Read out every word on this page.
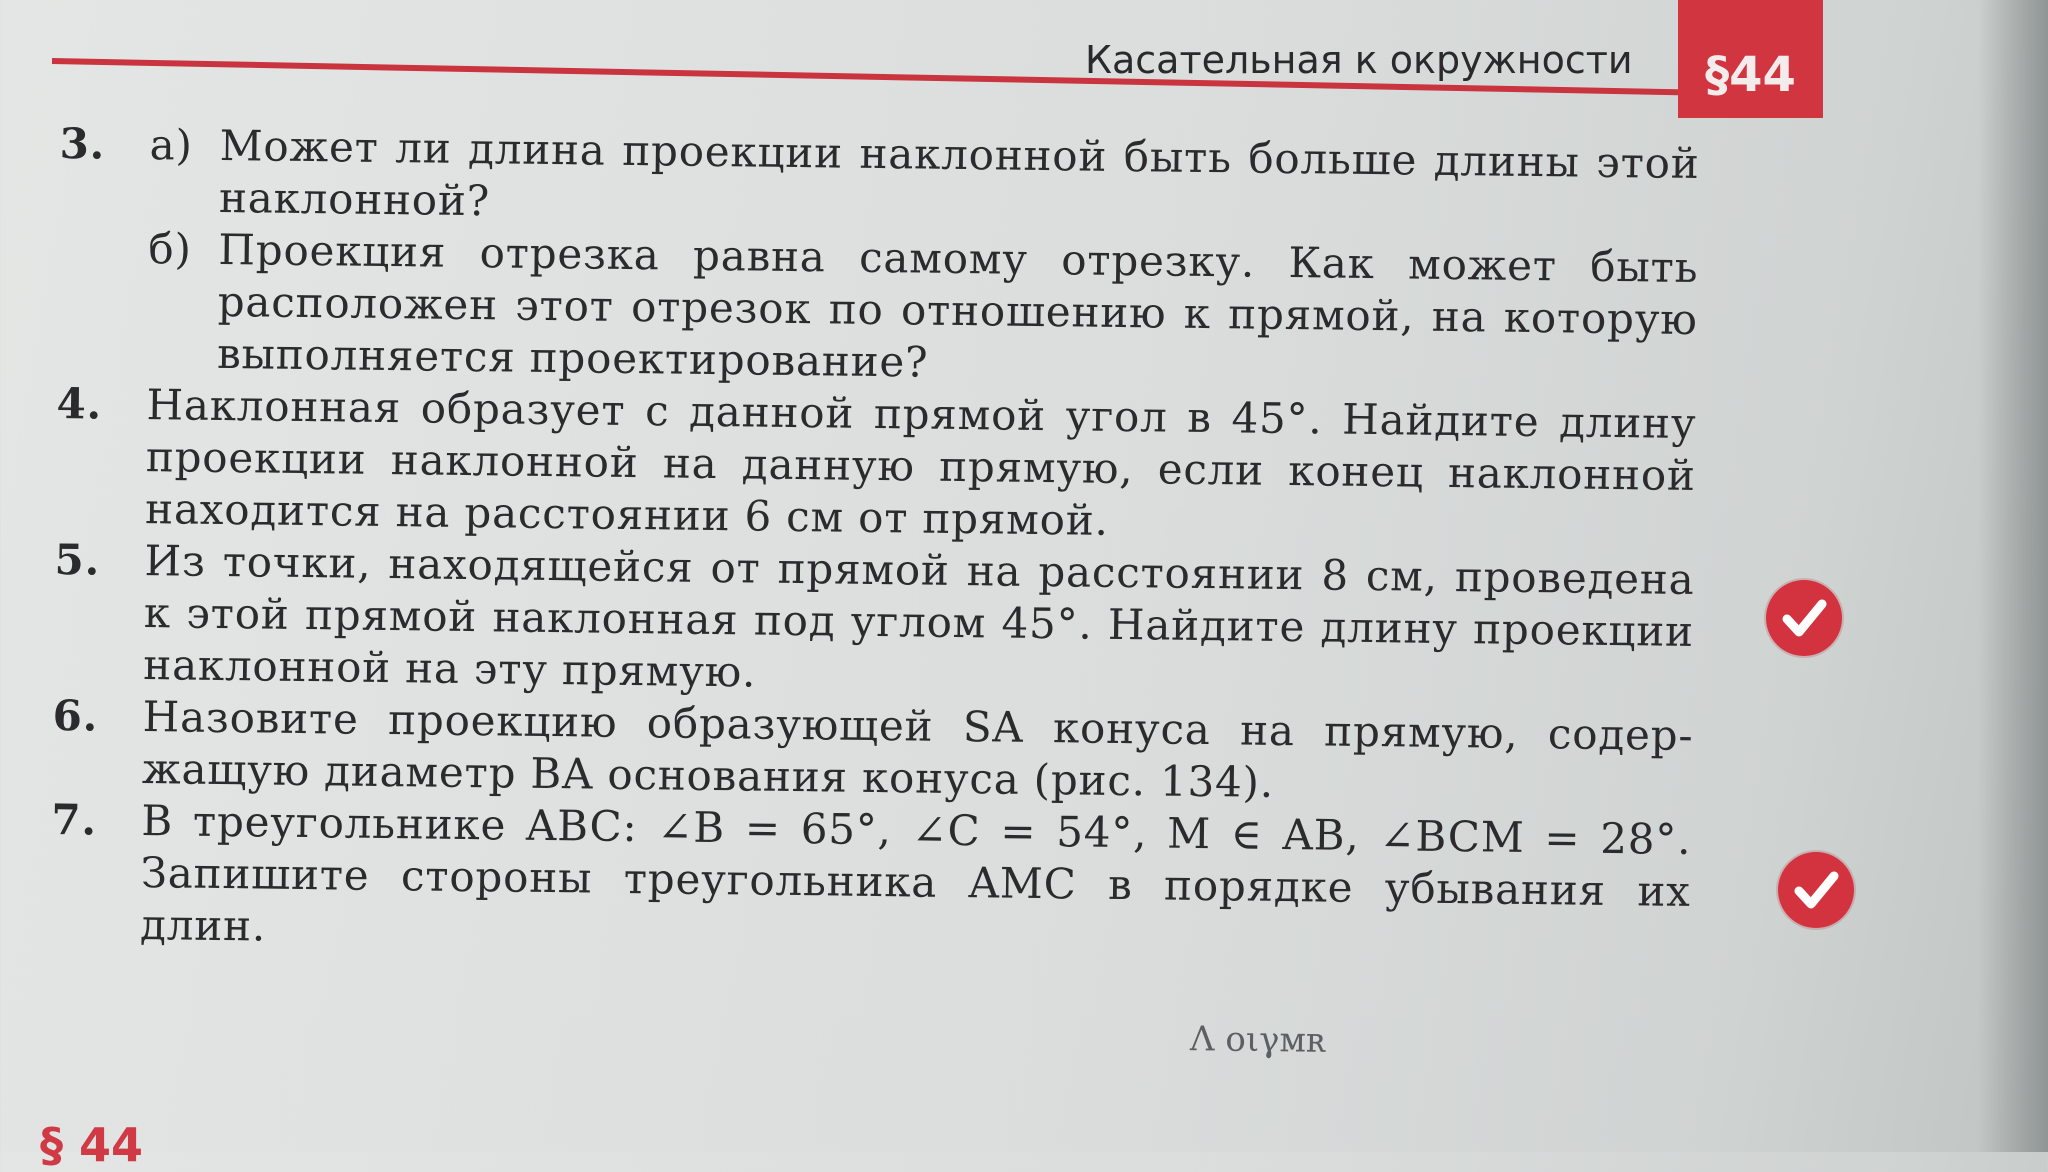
Касательная к окружности	§44
3.	а) Может ли длина проекции наклонной быть больше длины этой наклонной?
б) Проекция отрезка равна самому отрезку. Как может быть расположен этот отрезок по отношению к прямой, на которую выполняется проектирование?
4.	Наклонная образует с данной прямой угол в 45°. Найдите длину проекции наклонной на данную прямую, если конец наклонной находится на расстоянии 6 см от прямой.
5.	Из точки, находящейся от прямой на расстоянии 8 см, проведена к этой прямой наклонная под углом 45°. Найдите длину проекции наклонной на эту прямую.
6.	Назовите проекцию образующей SA конуса на прямую, содержащую диаметр BA основания конуса (рис. 134).
7.	В треугольнике ABC: ∠B = 65°, ∠C = 54°, M ∈ AB, ∠BCM = 28°. Запишите стороны треугольника AMC в порядке убывания их длин.
Λ оιγмʀ
§ 44
